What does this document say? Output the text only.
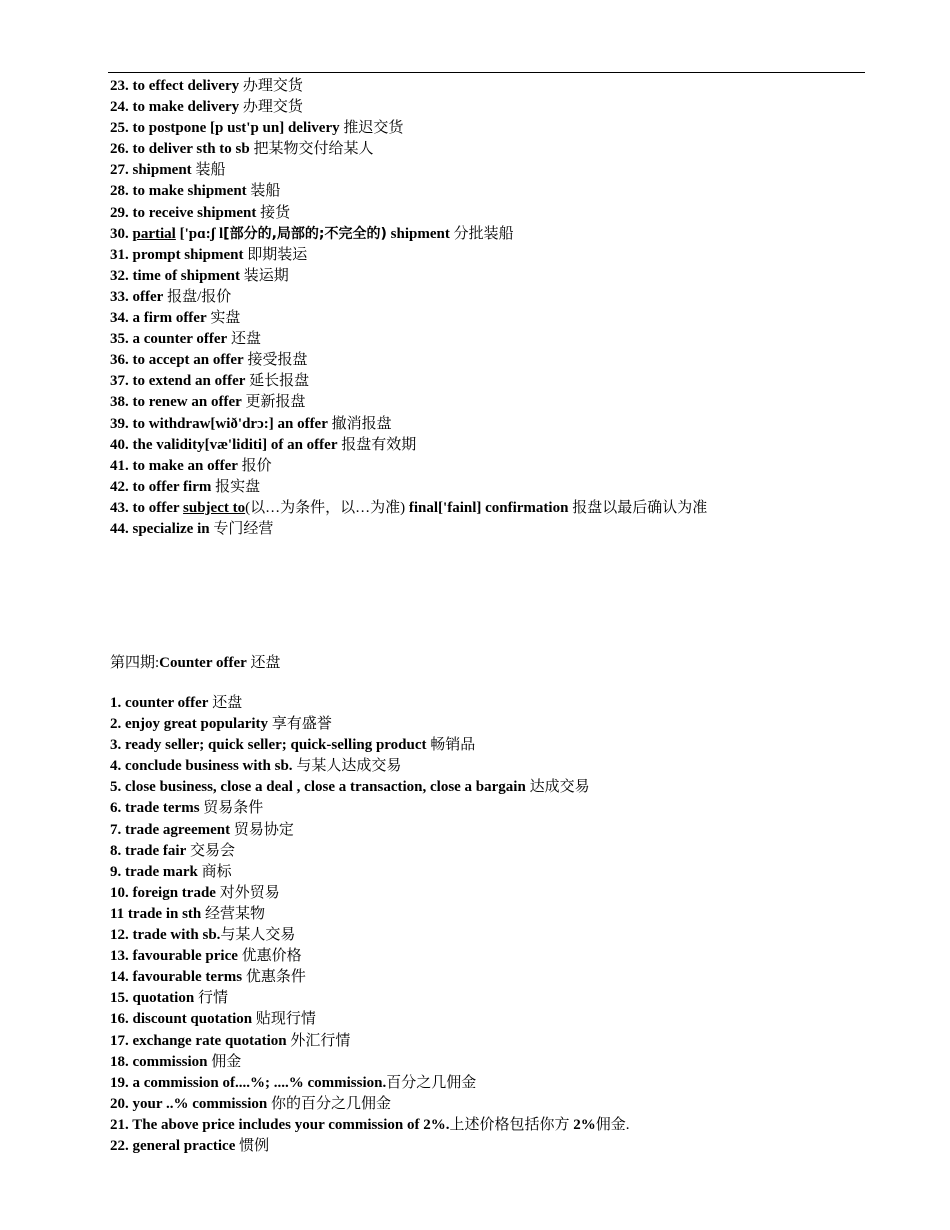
23. to effect delivery 办理交货
24. to make delivery 办理交货
25. to postpone [p ust'p un] delivery 推迟交货
26. to deliver sth to sb 把某物交付给某人
27. shipment 装船
28. to make shipment 装船
29. to receive shipment 接货
30. partial ['pɑ:ʃ l[部分的,局部的;不完全的) shipment 分批装船
31. prompt shipment 即期装运
32. time of shipment 装运期
33. offer 报盘/报价
34. a firm offer 实盘
35. a counter offer 还盘
36. to accept an offer 接受报盘
37. to extend an offer 延长报盘
38. to renew an offer 更新报盘
39. to withdraw[wið'drɔ:] an offer 撤消报盘
40. the validity[væ'liditi] of an offer 报盘有效期
41. to make an offer 报价
42. to offer firm 报实盘
43. to offer subject to(以…为条件，以…为准) final['fainl] confirmation 报盘以最后确认为准
44. specialize in 专门经营
第四期:Counter offer 还盘
1. counter offer 还盘
2. enjoy great popularity 享有盛誉
3. ready seller; quick seller; quick-selling product 畅销品
4. conclude business with sb. 与某人达成交易
5. close business, close a deal , close a transaction, close a bargain 达成交易
6. trade terms 贸易条件
7. trade agreement 贸易协定
8. trade fair 交易会
9. trade mark 商标
10. foreign trade 对外贸易
11 trade in sth 经营某物
12. trade with sb.与某人交易
13. favourable price 优惠价格
14. favourable terms 优惠条件
15. quotation 行情
16. discount quotation 贴现行情
17. exchange rate quotation 外汇行情
18. commission 佣金
19. a commission of....%; ....% commission.百分之几佣金
20. your ..% commission 你的百分之几佣金
21. The above price includes your commission of 2%.上述价格包括你方 2%佣金.
22. general practice 惯例
